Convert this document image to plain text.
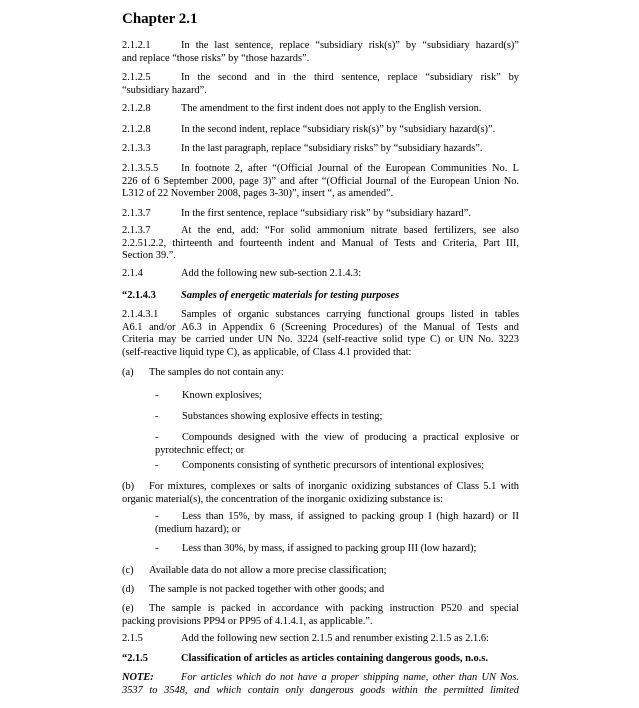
Chapter 2.1
2.1.2.1	In the last sentence, replace “subsidiary risk(s)” by “subsidiary hazard(s)”
and replace “those risks” by “those hazards”.
2.1.2.5	In the second and in the third sentence, replace “subsidiary risk” by
“subsidiary hazard”.
2.1.2.8	The amendment to the first indent does not apply to the English version.
2.1.2.8	In the second indent, replace “subsidiary risk(s)” by “subsidiary hazard(s)”.
2.1.3.3	In the last paragraph, replace “subsidiary risks” by “subsidiary hazards”.
2.1.3.5.5 In footnote 2, after “(Official Journal of the European Communities No. L
226 of 6 September 2000, page 3)” and after “(Official Journal of the European Union No.
L312 of 22 November 2008, pages 3-30)”, insert “, as amended”.
2.1.3.7	In the first sentence, replace “subsidiary risk” by “subsidiary hazard”.
2.1.3.7	At the end, add: “For solid ammonium nitrate based fertilizers, see also
2.2.51.2.2, thirteenth and fourteenth indent and Manual of Tests and Criteria, Part III,
Section 39.”.
2.1.4	Add the following new sub-section 2.1.4.3:
“2.1.4.3 Samples of energetic materials for testing purposes
2.1.4.3.1 Samples of organic substances carrying functional groups listed in tables
A6.1 and/or A6.3 in Appendix 6 (Screening Procedures) of the Manual of Tests and
Criteria may be carried under UN No. 3224 (self-reactive solid type C) or UN No. 3223
(self-reactive liquid type C), as applicable, of Class 4.1 provided that:
(a) The samples do not contain any:
- Known explosives;
- Substances showing explosive effects in testing;
- Compounds designed with the view of producing a practical explosive or
pyrotechnic effect; or
- Components consisting of synthetic precursors of intentional explosives;
(b) For mixtures, complexes or salts of inorganic oxidizing substances of Class 5.1 with
organic material(s), the concentration of the inorganic oxidizing substance is:
- Less than 15%, by mass, if assigned to packing group I (high hazard) or II
(medium hazard); or
- Less than 30%, by mass, if assigned to packing group III (low hazard);
(c) Available data do not allow a more precise classification;
(d) The sample is not packed together with other goods; and
(e) The sample is packed in accordance with packing instruction P520 and special
packing provisions PP94 or PP95 of 4.1.4.1, as applicable.”.
2.1.5	Add the following new section 2.1.5 and renumber existing 2.1.5 as 2.1.6:
“2.1.5	Classification of articles as articles containing dangerous goods, n.o.s.
NOTE:	For articles which do not have a proper shipping name, other than UN Nos.
3537 to 3548, and which contain only dangerous goods within the permitted limited
